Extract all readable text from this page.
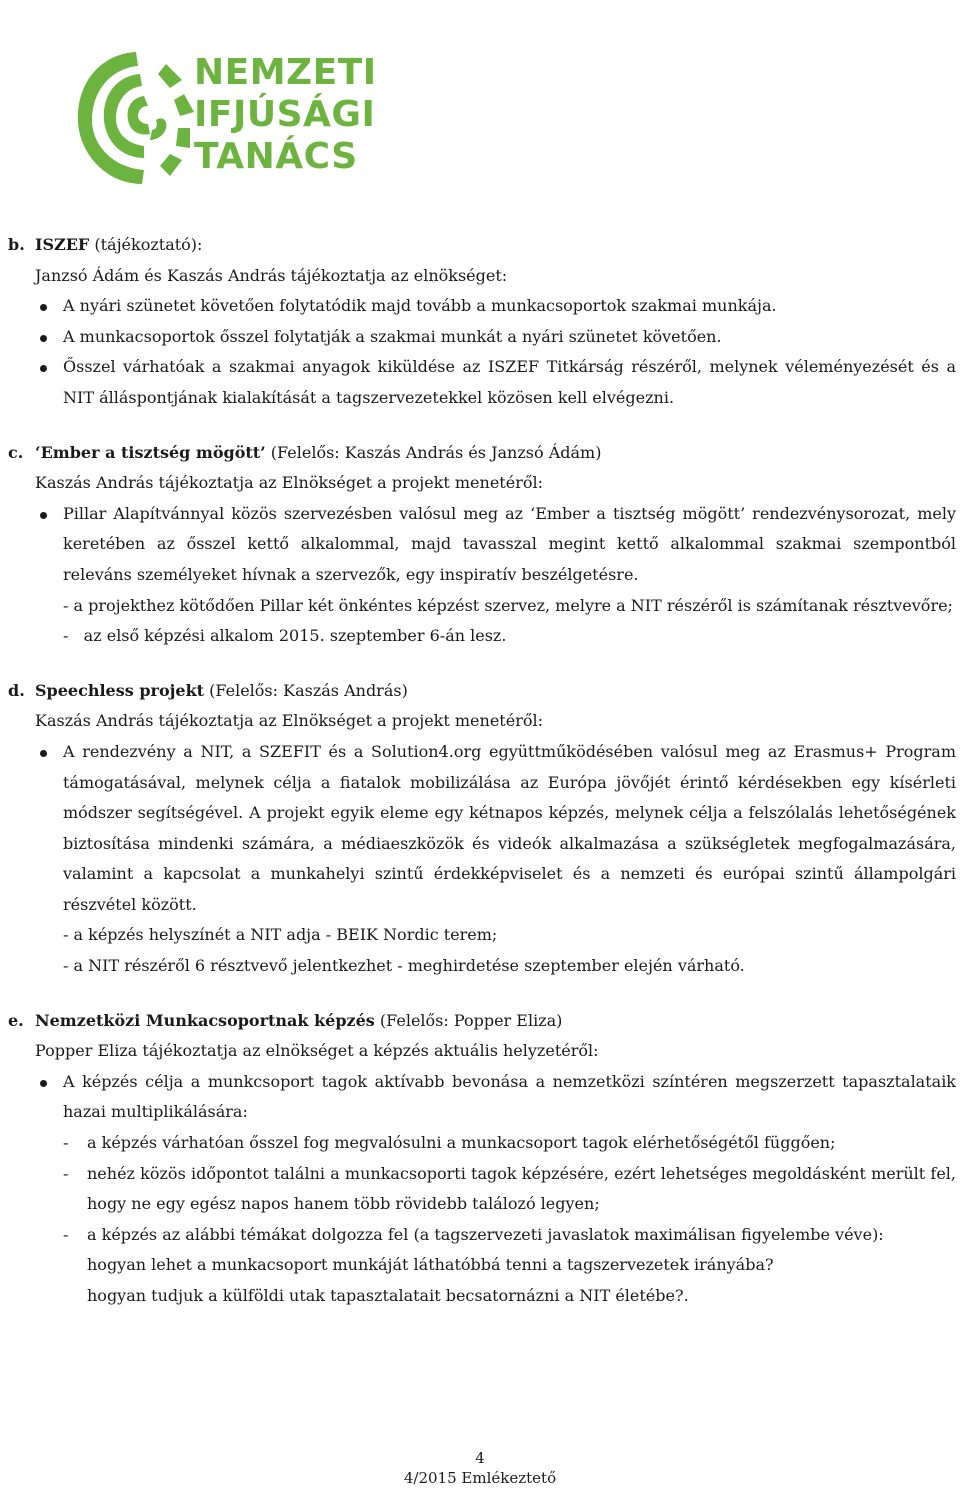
NEMZETI
IFJÚSÁGI
TANÁCS
b. ISZEF (tájékoztató):
Janzsó Ádám és Kaszás András tájékoztatja az elnökséget:
A nyári szünetet követően folytatódik majd tovább a munkacsoportok szakmai munkája.
A munkacsoportok ősszel folytatják a szakmai munkát a nyári szünetet követően.
Ősszel várhatóak a szakmai anyagok kiküldése az ISZEF Titkárság részéről, melynek véleményezését és a NIT álláspontjának kialakítását a tagszervezetekkel közösen kell elvégezni.
c. ‘Ember a tisztség mögött’ (Felelős: Kaszás András és Janzsó Ádám)
Kaszás András tájékoztatja az Elnökséget a projekt menetéről:
Pillar Alapítvánnyal közös szervezésben valósul meg az ‘Ember a tisztség mögött’ rendezvénysorozat, mely keretében az ősszel kettő alkalommal, majd tavasszal megint kettő alkalommal szakmai szempontból releváns személyeket hívnak a szervezők, egy inspiratív beszélgetésre.
- a projekthez kötődően Pillar két önkéntes képzést szervez, melyre a NIT részéről is számítanak résztvevőre;
-   az első képzési alkalom 2015. szeptember 6-án lesz.
d. Speechless projekt (Felelős: Kaszás András)
Kaszás András tájékoztatja az Elnökséget a projekt menetéről:
A rendezvény a NIT, a SZEFIT és a Solution4.org együttműködésében valósul meg az Erasmus+ Program támogatásával, melynek célja a fiatalok mobilizálása az Európa jövőjét érintő kérdésekben egy kísérleti módszer segítségével. A projekt egyik eleme egy kétnapos képzés, melynek célja a felszólalás lehetőségének biztosítása mindenki számára, a médiaeszközök és videók alkalmazása a szükségletek megfogalmazására, valamint a kapcsolat a munkahelyi szintű érdekképviselet és a nemzeti és európai szintű állampolgári részvétel között.
- a képzés helyszínét a NIT adja - BEIK Nordic terem;
- a NIT részéről 6 résztvevő jelentkezhet - meghirdetése szeptember elején várható.
e. Nemzetközi Munkacsoportnak képzés (Felelős: Popper Eliza)
Popper Eliza tájékoztatja az elnökséget a képzés aktuális helyzetéről:
A képzés célja a munkcsoport tagok aktívabb bevonása a nemzetközi színtéren megszerzett tapasztalataik hazai multiplikálására:
- a képzés várhatóan ősszel fog megvalósulni a munkacsoport tagok elérhetőségétől függően;
- nehéz közös időpontot találni a munkacsoporti tagok képzésére, ezért lehetséges megoldásként merült fel, hogy ne egy egész napos hanem több rövidebb találozó legyen;
- a képzés az alábbi témákat dolgozza fel (a tagszervezeti javaslatok maximálisan figyelembe véve):
hogyan lehet a munkacsoport munkáját láthatóbbá tenni a tagszervezetek irányába?
hogyan tudjuk a külföldi utak tapasztalatait becsatornázni a NIT életébe?.
4
4/2015 Emlékeztető
